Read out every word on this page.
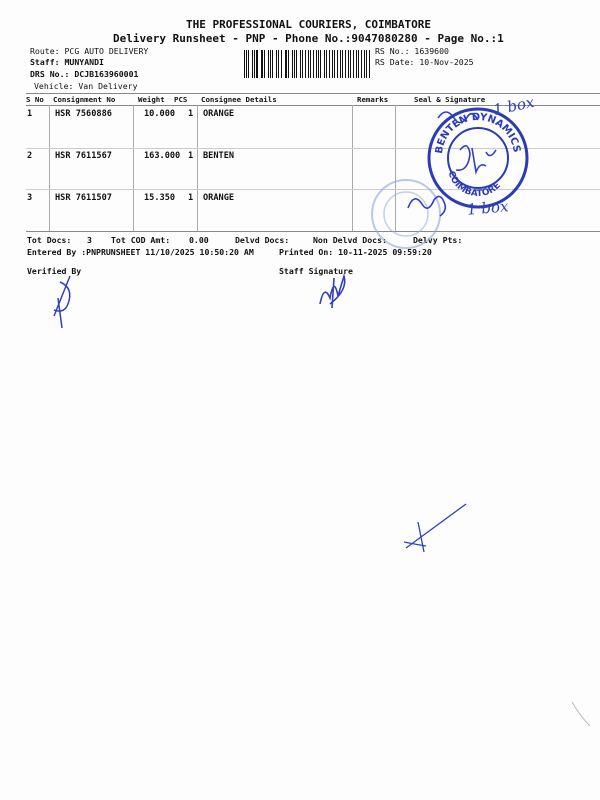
THE PROFESSIONAL COURIERS, COIMBATORE
Delivery Runsheet - PNP - Phone No.:9047080280 - Page No.:1
Route: PCG AUTO DELIVERY
Staff: MUNYANDI
DRS No.: DCJB163960001
Vehicle: Van Delivery
RS No.: 1639600
RS Date: 10-Nov-2025
S No Consignment No	Weight PCS Consignee Details	Remarks	Seal & Signature
1	HSR 7560886	10.000 1 ORANGE
2	HSR 7611567	163.000 1 BENTEN
3	HSR 7611507	15.350 1 ORANGE
Tot Docs: 3 Tot COD Amt: 0.00	Delvd Docs:	Non Delvd Docs:	Delvy Pts:
Entered By :PNPRUNSHEET 11/10/2025 10:50:20 AM	Printed On: 10-11-2025 09:59:20
Verified By	Staff Signature
BENTEN DYNAMICS
COIMBATORE
1 box
1 box
